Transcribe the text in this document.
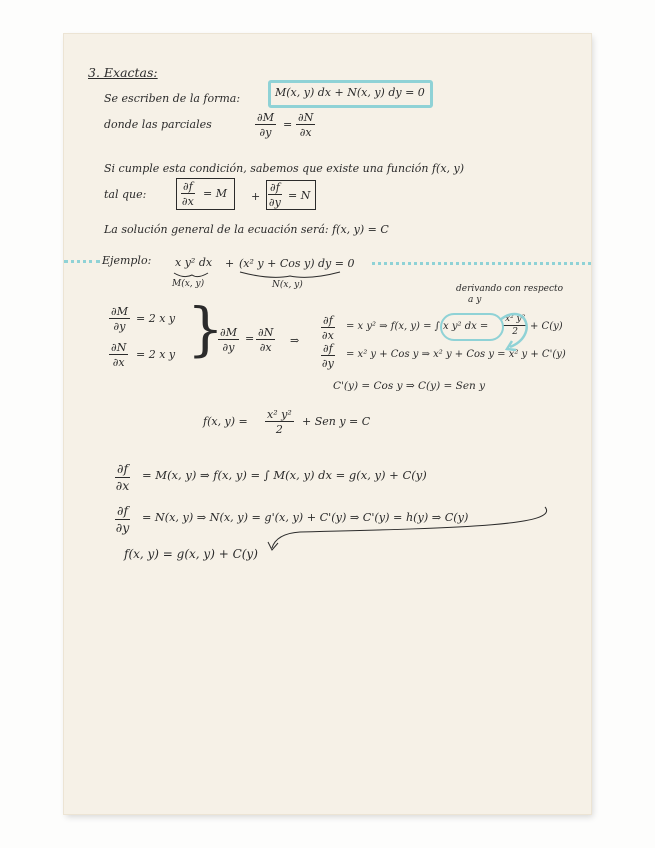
3. Exactas:
Se escriben de la forma:	M(x, y) dx + N(x, y) dy = 0
donde las parciales	$\frac{\partial M}{\partial y} = \frac{\partial N}{\partial x}$
Si cumple esta condición, sabemos que existe una función f(x, y)
tal que:	$\frac{\partial f}{\partial x} = M + \frac{\partial f}{\partial y} = N$
La solución general de la ecuación será: f(x, y) = C
Ejemplo: x y² dx + (x² y + Cos y) dy = 0
M(x, y)	N(x, y)	derivando con respecto
a y
$\frac{\partial M}{\partial y} = 2$ x y
$\frac{\partial N}{\partial x} = 2$ x y }
$\frac{\partial M}{\partial y} = \frac{\partial N}{\partial x}$ ⇒ $\frac{\partial f}{\partial x} = x$ y² ⇒ f(x, y) = ∫ x y² dx = $\frac{\text{x² y²}}{2} + C(y)$
$\frac{\partial f}{\partial y} = x^2$ y + Cos y ⇒ x² y + Cos y = x² y + C'(y)
C'(y) = Cos y ⇒ C(y) = Sen y
f(x, $y) = \frac{\text{x² y²}}{2}$ + Sen y = C
$\frac{\partial f}{\partial x} = M(x$, y) ⇒ f(x, y) = ∫ M(x, y) dx = g(x, y) + C(y)
$\frac{\partial f}{\partial y} = N(x$, y) ⇒ N(x, y) = g'(x, y) + C'(y) ⇒ C'(y) = h(y) ⇒ C(y)
f(x, y) = g(x, y) + C(y)
